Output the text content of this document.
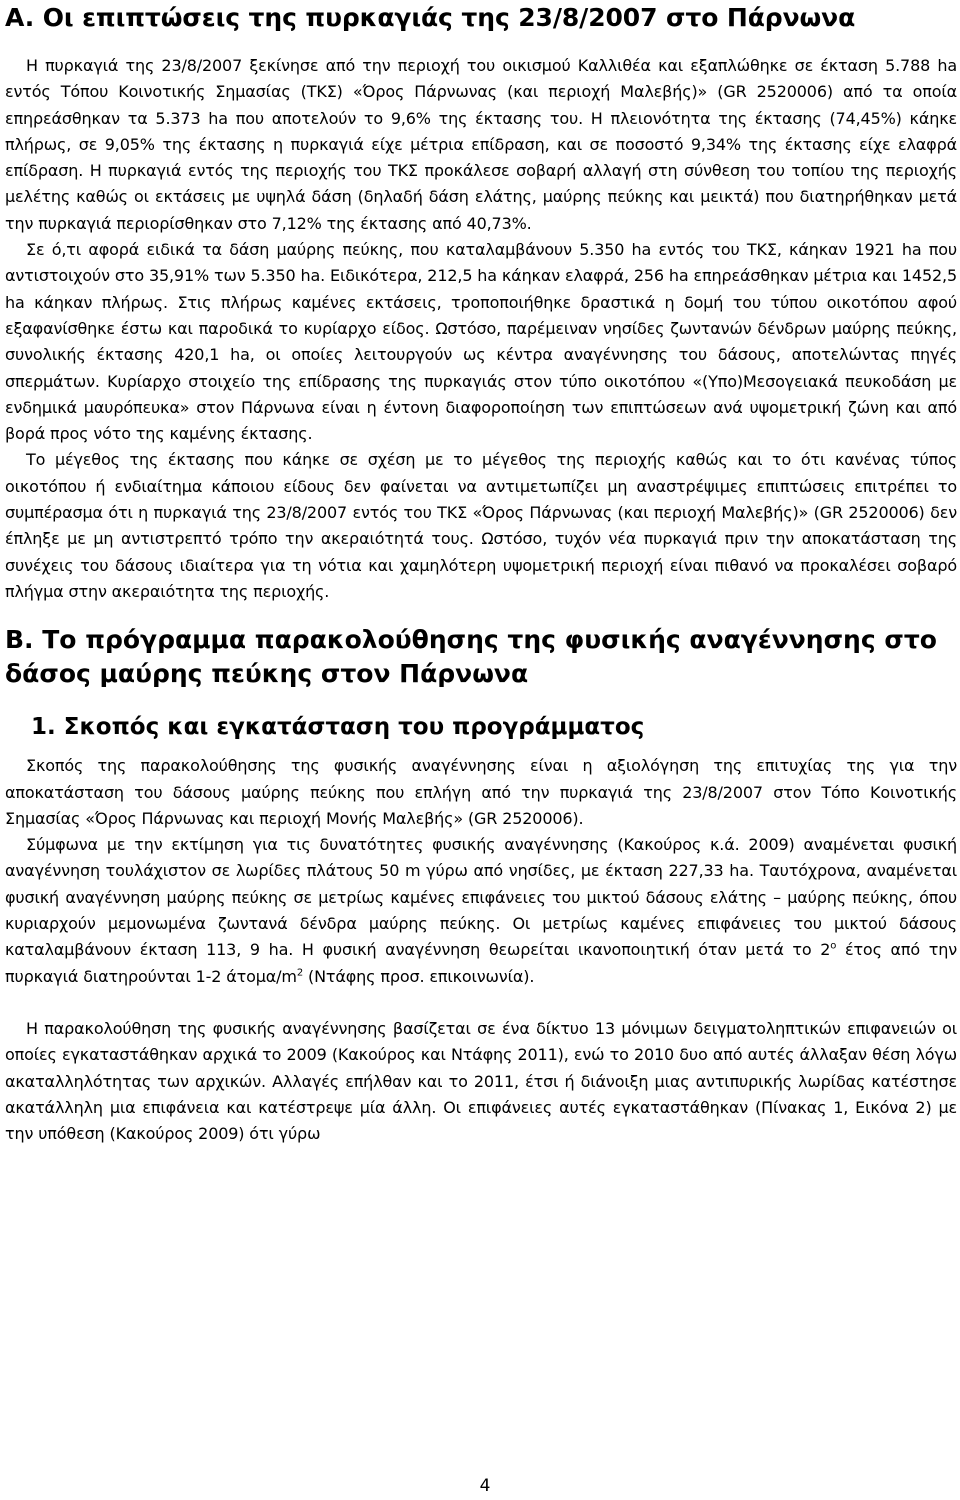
A. Οι επιπτώσεις της πυρκαγιάς της 23/8/2007 στο Πάρνωνα

Η πυρκαγιά της 23/8/2007 ξεκίνησε από την περιοχή του οικισμού Καλλιθέα και εξαπλώθηκε σε έκταση 5.788 ha εντός Τόπου Κοινοτικής Σημασίας (ΤΚΣ) «Όρος Πάρνωνας (και περιοχή Μαλεβής)» (GR 2520006) από τα οποία επηρεάσθηκαν τα 5.373 ha που αποτελούν το 9,6% της έκτασης του. Η πλειονότητα της έκτασης (74,45%) κάηκε πλήρως, σε 9,05% της έκτασης η πυρκαγιά είχε μέτρια επίδραση, και σε ποσοστό 9,34% της έκτασης είχε ελαφρά επίδραση. Η πυρκαγιά εντός της περιοχής του ΤΚΣ προκάλεσε σοβαρή αλλαγή στη σύνθεση του τοπίου της περιοχής μελέτης καθώς οι εκτάσεις με υψηλά δάση (δηλαδή δάση ελάτης, μαύρης πεύκης και μεικτά) που διατηρήθηκαν μετά την πυρκαγιά περιορίσθηκαν στο 7,12% της έκτασης από 40,73%.

Σε ό,τι αφορά ειδικά τα δάση μαύρης πεύκης, που καταλαμβάνουν 5.350 ha εντός του ΤΚΣ, κάηκαν 1921 ha που αντιστοιχούν στο 35,91% των 5.350 ha. Ειδικότερα, 212,5 ha κάηκαν ελαφρά, 256 ha επηρεάσθηκαν μέτρια και 1452,5 ha κάηκαν πλήρως. Στις πλήρως καμένες εκτάσεις, τροποποιήθηκε δραστικά η δομή του τύπου οικοτόπου αφού εξαφανίσθηκε έστω και παροδικά το κυρίαρχο είδος. Ωστόσο, παρέμειναν νησίδες ζωντανών δένδρων μαύρης πεύκης, συνολικής έκτασης 420,1 ha, οι οποίες λειτουργούν ως κέντρα αναγέννησης του δάσους, αποτελώντας πηγές σπερμάτων. Κυρίαρχο στοιχείο της επίδρασης της πυρκαγιάς στον τύπο οικοτόπου «(Υπο)Μεσογειακά πευκοδάση με ενδημικά μαυρόπευκα» στον Πάρνωνα είναι η έντονη διαφοροποίηση των επιπτώσεων ανά υψομετρική ζώνη και από βορά προς νότο της καμένης έκτασης.

Το μέγεθος της έκτασης που κάηκε σε σχέση με το μέγεθος της περιοχής καθώς και το ότι κανένας τύπος οικοτόπου ή ενδιαίτημα κάποιου είδους δεν φαίνεται να αντιμετωπίζει μη αναστρέψιμες επιπτώσεις επιτρέπει το συμπέρασμα ότι η πυρκαγιά της 23/8/2007 εντός του ΤΚΣ «Όρος Πάρνωνας (και περιοχή Μαλεβής)» (GR 2520006) δεν έπληξε με μη αντιστρεπτό τρόπο την ακεραιότητά τους. Ωστόσο, τυχόν νέα πυρκαγιά πριν την αποκατάσταση της συνέχεις του δάσους ιδιαίτερα για τη νότια και χαμηλότερη υψομετρική περιοχή είναι πιθανό να προκαλέσει σοβαρό πλήγμα στην ακεραιότητα της περιοχής.

B. Το πρόγραμμα παρακολούθησης της φυσικής αναγέννησης στο δάσος μαύρης πεύκης στον Πάρνωνα
1. Σκοπός και εγκατάσταση του προγράμματος

Σκοπός της παρακολούθησης της φυσικής αναγέννησης είναι η αξιολόγηση της επιτυχίας της για την αποκατάσταση του δάσους μαύρης πεύκης που επλήγη από την πυρκαγιά της 23/8/2007 στον Τόπο Κοινοτικής Σημασίας «Όρος Πάρνωνας και περιοχή Μονής Μαλεβής» (GR 2520006).

Σύμφωνα με την εκτίμηση για τις δυνατότητες φυσικής αναγέννησης (Κακούρος κ.ά. 2009) αναμένεται φυσική αναγέννηση τουλάχιστον σε λωρίδες πλάτους 50 m γύρω από νησίδες, με έκταση 227,33 ha. Ταυτόχρονα, αναμένεται φυσική αναγέννηση μαύρης πεύκης σε μετρίως καμένες επιφάνειες του μικτού δάσους ελάτης – μαύρης πεύκης, όπου κυριαρχούν μεμονωμένα ζωντανά δένδρα μαύρης πεύκης. Οι μετρίως καμένες επιφάνειες του μικτού δάσους καταλαμβάνουν έκταση 113, 9 ha. Η φυσική αναγέννηση θεωρείται ικανοποιητική όταν μετά το $2^o$ έτος από την πυρκαγιά διατηρούνται 1-2 άτομα/$m^2$ (Ντάφης προσ. επικοινωνία).

Η παρακολούθηση της φυσικής αναγέννησης βασίζεται σε ένα δίκτυο 13 μόνιμων δειγματοληπτικών επιφανειών οι οποίες εγκαταστάθηκαν αρχικά το 2009 (Κακούρος και Ντάφης 2011), ενώ το 2010 δυο από αυτές άλλαξαν θέση λόγω ακαταλληλότητας των αρχικών. Αλλαγές επήλθαν και το 2011, έτσι ή διάνοιξη μιας αντιπυρικής λωρίδας κατέστησε ακατάλληλη μια επιφάνεια και κατέστρεψε μία άλλη. Οι επιφάνειες αυτές εγκαταστάθηκαν (Πίνακας 1, Εικόνα 2) με την υπόθεση (Κακούρος 2009) ότι γύρω

4
